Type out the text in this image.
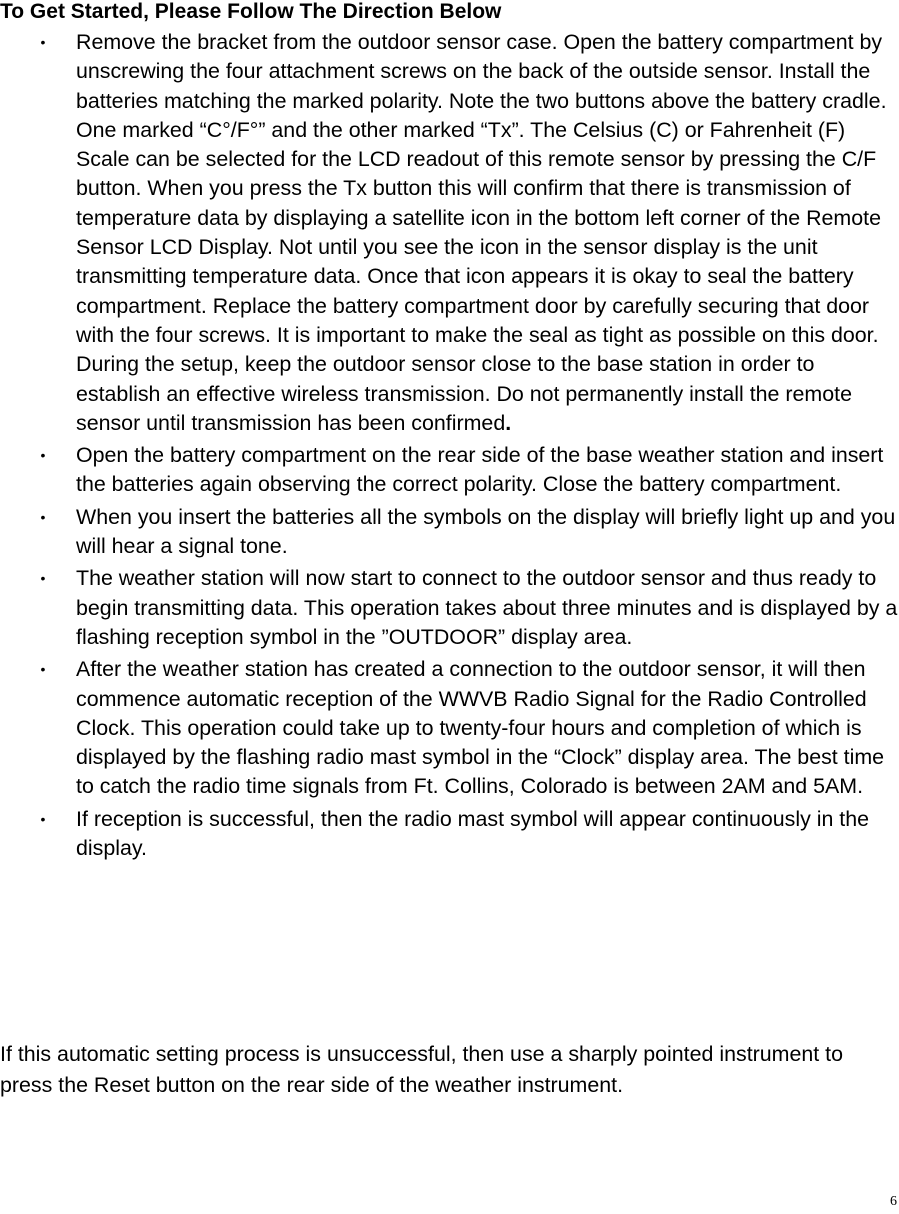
To Get Started, Please Follow The Direction Below
• Remove the bracket from the outdoor sensor case. Open the battery compartment by unscrewing the four attachment screws on the back of the outside sensor. Install the batteries matching the marked polarity. Note the two buttons above the battery cradle. One marked “C°/F°” and the other marked “Tx”. The Celsius (C) or Fahrenheit (F) Scale can be selected for the LCD readout of this remote sensor by pressing the C/F button. When you press the Tx button this will confirm that there is transmission of temperature data by displaying a satellite icon in the bottom left corner of the Remote Sensor LCD Display. Not until you see the icon in the sensor display is the unit transmitting temperature data. Once that icon appears it is okay to seal the battery compartment. Replace the battery compartment door by carefully securing that door with the four screws. It is important to make the seal as tight as possible on this door. During the setup, keep the outdoor sensor close to the base station in order to establish an effective wireless transmission. Do not permanently install the remote sensor until transmission has been confirmed.
• Open the battery compartment on the rear side of the base weather station and insert the batteries again observing the correct polarity. Close the battery compartment.
• When you insert the batteries all the symbols on the display will briefly light up and you will hear a signal tone.
• The weather station will now start to connect to the outdoor sensor and thus ready to begin transmitting data. This operation takes about three minutes and is displayed by a flashing reception symbol in the ”OUTDOOR” display area.
• After the weather station has created a connection to the outdoor sensor, it will then commence automatic reception of the WWVB Radio Signal for the Radio Controlled Clock. This operation could take up to twenty-four hours and completion of which is displayed by the flashing radio mast symbol in the “Clock” display area. The best time to catch the radio time signals from Ft. Collins, Colorado is between 2AM and 5AM.
• If reception is successful, then the radio mast symbol will appear continuously in the display.

If this automatic setting process is unsuccessful, then use a sharply pointed instrument to press the Reset button on the rear side of the weather instrument.

6
